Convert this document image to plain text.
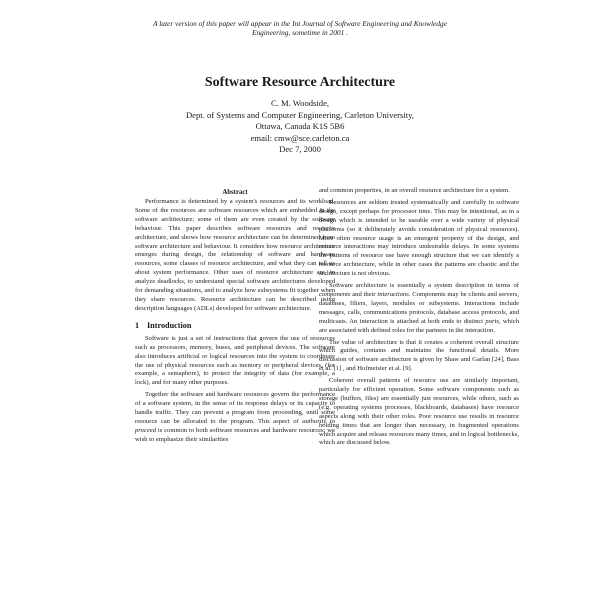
A later version of this paper will appear in the Int Journal of Software Engineering and Knowledge
Engineering, sometime in 2001 .
Software Resource Architecture
C. M. Woodside,
Dept. of Systems and Computer Engineering, Carleton University,
Ottawa, Canada K1S 5B6
email: cmw@sce.carleton.ca
Dec 7, 2000
Abstract

Performance is determined by a system's resources and its workload. Some of the resources are software resources which are embedded in the software architecture; some of them are even created by the software behaviour. This paper describes software resources and resource architecture, and shows how resource architecture can be determined from software architecture and behaviour. It considers how resource architecture emerges during design, the relationship of software and hardware resources, some classes of resource architecture, and what they can tell us about system performance. Other uses of resource architecture are, to analyze deadlocks, to understand special software architectures developed for demanding situations, and to analyze how subsystems fit together when they share resources. Resource architecture can be described using description languages (ADLs) developed for software architecture.

1 Introduction

Software is just a set of instructions that govern the use of resources such as processors, memory, buses, and peripheral devices. The software also introduces artificial or logical resources into the system to coordinate the use of physical resources such as memory or peripheral devices, (for example, a semaphore), to protect the integrity of data (for example, a lock), and for many other purposes.

Together the software and hardware resources govern the performance of a software system, in the sense of its response delays or its capacity to handle traffic. They can prevent a program from proceeding, until some resource can be allocated to the program. This aspect of authority to proceed is common to both software resources and hardware resources; we wish to emphasize their similarities

and common properties, in an overall resource architecture for a system.

Resources are seldom treated systematically and carefully in software design, except perhaps for processor time. This may be intentional, as in a design which is intended to be useable over a wide variety of physical platforms (so it deliberately avoids consideration of physical resources). More often resource usage is an emergent property of the design, and resource interactions may introduce undesirable delays. In some systems the patterns of resource use have enough structure that we can identify a resource architecture, while in other cases the patterns are chaotic and the architecture is not obvious.

Software architecture is essentially a system description in terms of components and their interactions. Components may be clients and servers, databases, filters, layers, modules or subsystems. Interactions include messages, calls, communications protocols, database access protocols, and multicasts. An interaction is attached at both ends to distinct ports, which are associated with defined roles for the partners in the interaction.

The value of architecture is that it creates a coherent overall structure which guides, contains and maintains the functional details. More discussion of software architecture is given by Shaw and Garlan [24], Bass et al. [1] , and Hofmeister et al. [9].

Coherent overall patterns of resource use are similarly important, particularly for efficient operation. Some software components such as storage (buffers, files) are essentially just resources, while others, such as (e.g. operating systems processes, blackboards, databases) have resource aspects along with their other roles. Poor resource use results in resource holding times that are longer than necessary, in fragmented operations which acquire and release resources many times, and in logical bottlenecks, which are discussed below.
